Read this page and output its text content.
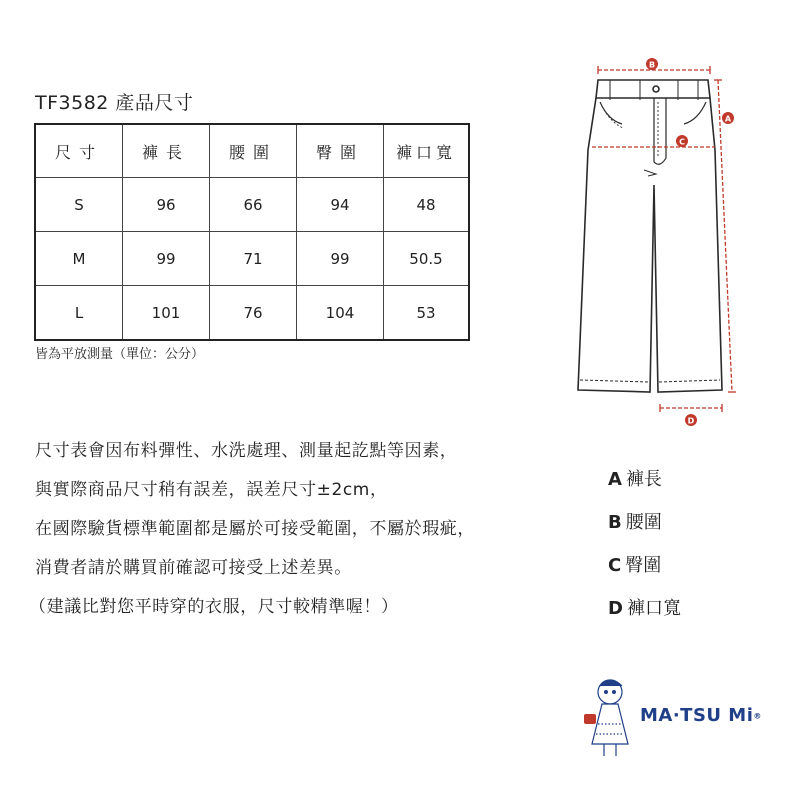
TF3582 產品尺寸
尺寸	褲長	腰圍	臀圍	褲口寬
S	96	66	94	48
M	99	71	99	50.5
L	101	76	104	53
皆為平放測量（單位：公分）
尺寸表會因布料彈性、水洗處理、測量起訖點等因素，
與實際商品尺寸稍有誤差，誤差尺寸±2cm，
在國際驗貨標準範圍都是屬於可接受範圍，不屬於瑕疵，
消費者請於購買前確認可接受上述差異。
（建議比對您平時穿的衣服，尺寸較精準喔！）
B
C
A
D
A 褲長
B 腰圍
C 臀圍
D 褲口寬
MA·TSU Mi®
